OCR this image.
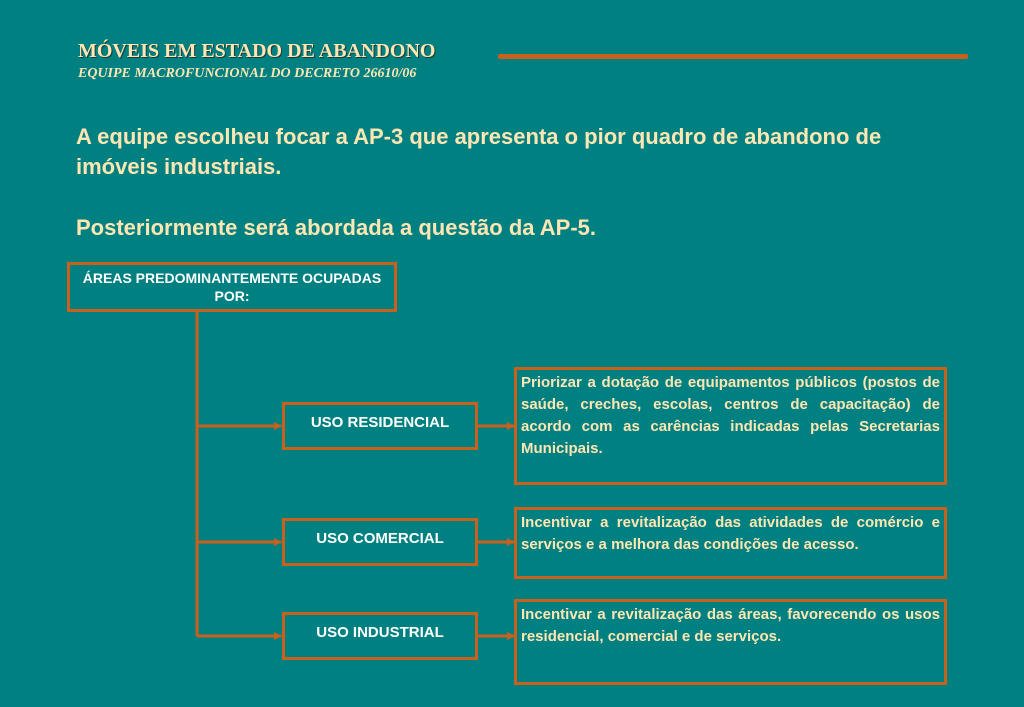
MÓVEIS EM ESTADO DE ABANDONO
EQUIPE MACROFUNCIONAL DO DECRETO 26610/06
A equipe escolheu focar a AP-3 que apresenta o pior quadro de abandono de imóveis industriais.
Posteriormente será abordada a questão da AP-5.
ÁREAS PREDOMINANTEMENTE OCUPADAS POR:
USO RESIDENCIAL
USO COMERCIAL
USO INDUSTRIAL
Priorizar a dotação de equipamentos públicos (postos de saúde, creches, escolas, centros de capacitação) de acordo com as carências indicadas pelas Secretarias Municipais.
Incentivar a revitalização das atividades de comércio e serviços e a melhora das condições de acesso.
Incentivar a revitalização das áreas, favorecendo os usos residencial, comercial e de serviços.
